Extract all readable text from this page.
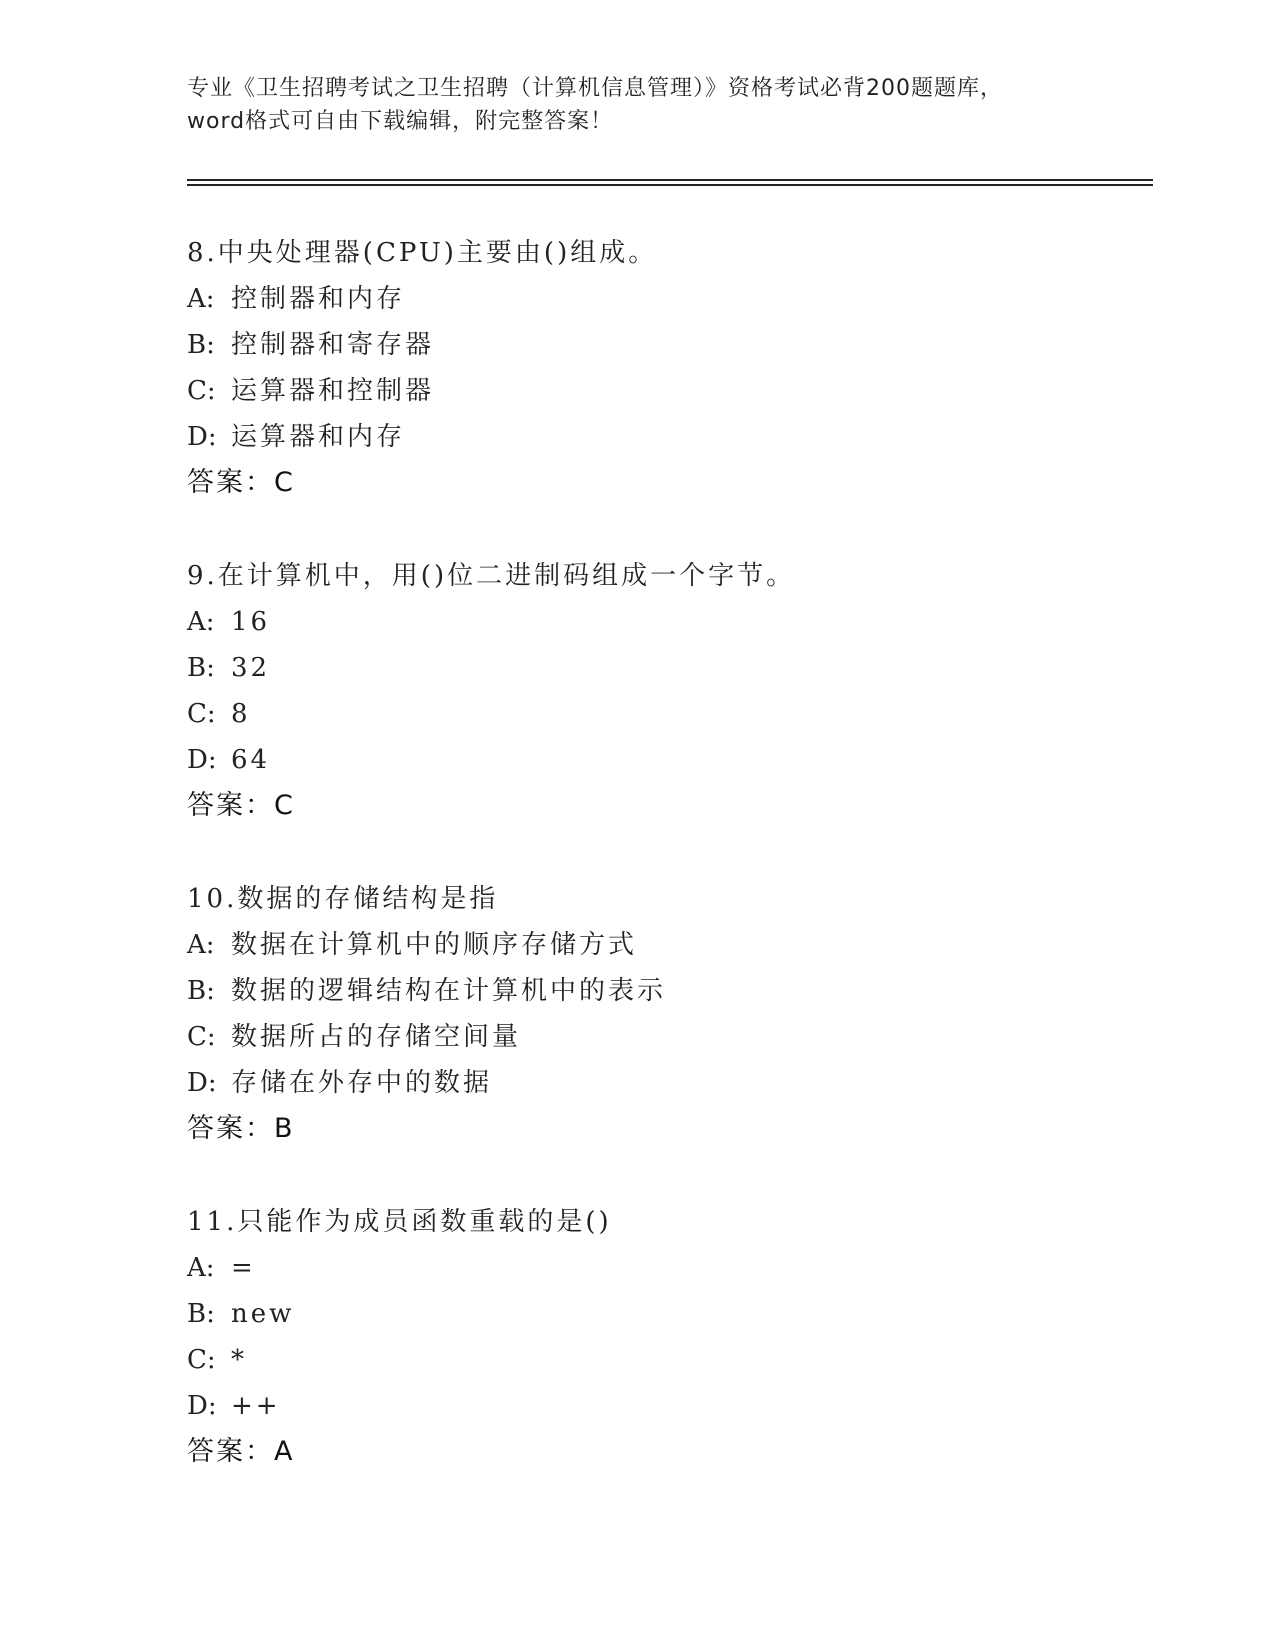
专业《卫生招聘考试之卫生招聘（计算机信息管理）》资格考试必背200题题库，
word格式可自由下载编辑，附完整答案！
8.中央处理器(CPU)主要由()组成。
A: 控制器和内存
B: 控制器和寄存器
C: 运算器和控制器
D: 运算器和内存
答案：C
9.在计算机中，用()位二进制码组成一个字节。
A: 16
B: 32
C: 8
D: 64
答案：C
10.数据的存储结构是指
A: 数据在计算机中的顺序存储方式
B: 数据的逻辑结构在计算机中的表示
C: 数据所占的存储空间量
D: 存储在外存中的数据
答案：B
11.只能作为成员函数重载的是()
A: =
B: new
C: *
D: ++
答案：A
